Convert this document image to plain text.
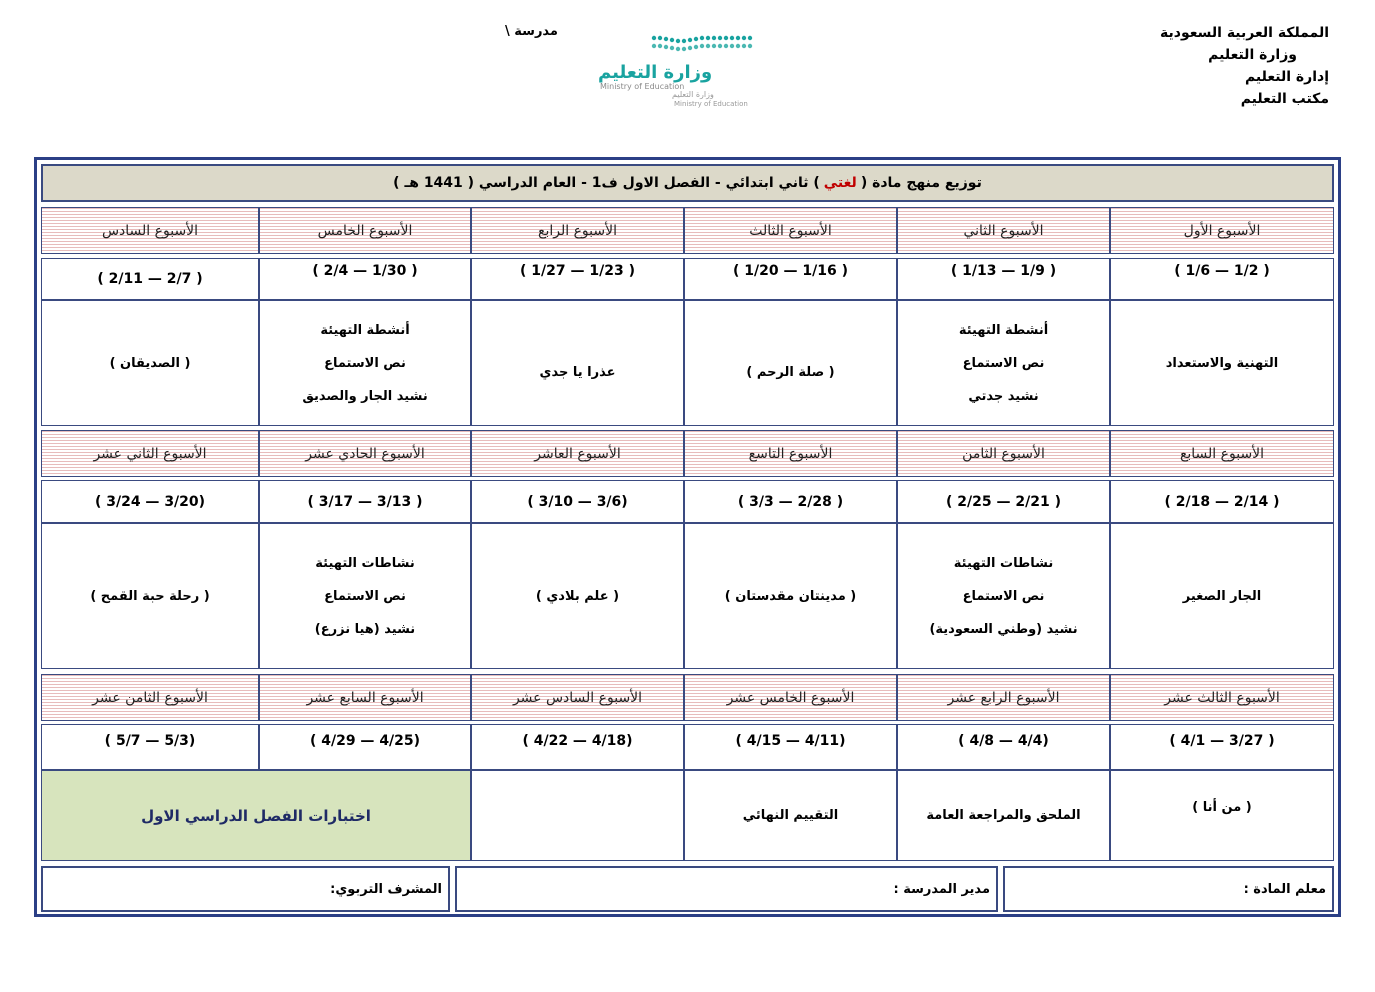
المملكة العربية السعودية
وزارة التعليم
إدارة التعليم
مكتب التعليم
مدرسة \
وزارة التعليم
Ministry of Education
وزارة التعليم
Ministry of Education
توزيع منهج مادة (
لغتي
) ثاني ابتدائي - الفصل الاول ف1 - العام الدراسي ( 1441 هـ )
الأسبوع الأول
الأسبوع الثاني
الأسبوع الثالث
الأسبوع الرابع
الأسبوع الخامس
الأسبوع السادس
( 1/2 — 1/6 )
( 1/9 — 1/13 )
( 1/16 — 1/20 )
( 1/23 — 1/27 )
( 1/30 — 2/4 )
( 2/7 — 2/11 )
التهنية والاستعداد
أنشطة التهيئة
نص الاستماع
نشيد جدتي
( صلة الرحم )
عذرا يا جدي
أنشطة التهيئة
نص الاستماع
نشيد الجار والصديق
( الصديقان )
الأسبوع السابع
الأسبوع الثامن
الأسبوع التاسع
الأسبوع العاشر
الأسبوع الحادي عشر
الأسبوع الثاني عشر
( 2/14 — 2/18 )
( 2/21 — 2/25 )
( 2/28 — 3/3 )
(3/6 — 3/10 )
( 3/13 — 3/17 )
(3/20 — 3/24 )
الجار الصغير
نشاطات التهيئة
نص الاستماع
نشيد (وطني السعودية)
( مدينتان مقدستان )
( علم بلادي )
نشاطات التهيئة
نص الاستماع
نشيد (هيا نزرع)
( رحلة حبة القمح )
الأسبوع الثالث عشر
الأسبوع الرابع عشر
الأسبوع الخامس عشر
الأسبوع السادس عشر
الأسبوع السابع عشر
الأسبوع الثامن عشر
( 3/27 — 4/1 )
(4/4 — 4/8 )
(4/11 — 4/15 )
(4/18 — 4/22 )
(4/25 — 4/29 )
(5/3 — 5/7 )
( من أنا )
الملحق والمراجعة العامة
التقييم النهائي
اختبارات الفصل الدراسي الاول
معلم المادة :
مدير المدرسة :
المشرف التربوي:
